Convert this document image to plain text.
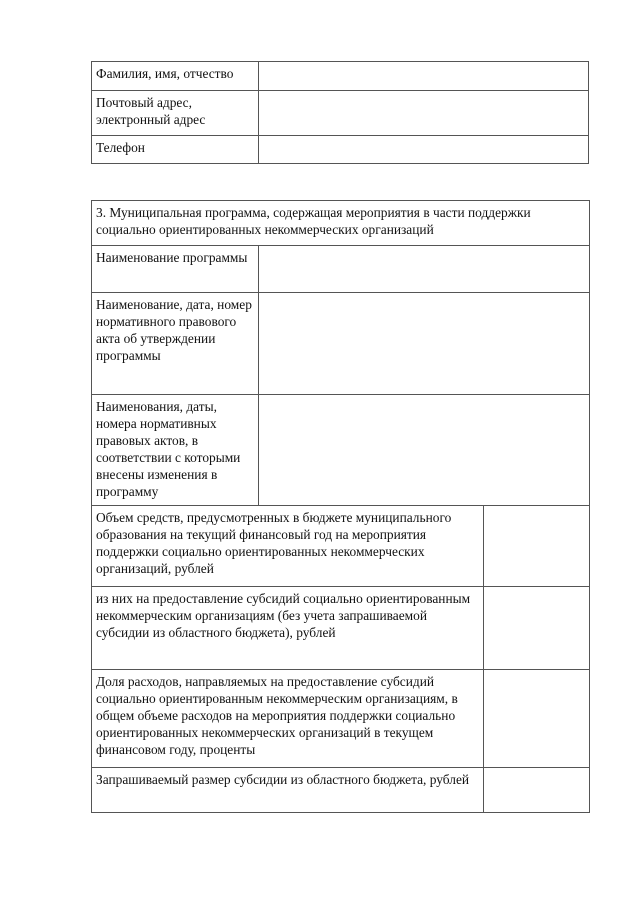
Фамилия, имя, отчество	
Почтовый адрес, электронный адрес	
Телефон	
3. Муниципальная программа, содержащая мероприятия в части поддержки социально ориентированных некоммерческих организаций		
Наименование программы		
Наименование, дата, номер нормативного правового акта об утверждении программы		
Наименования, даты, номера нормативных правовых актов, в соответствии с которыми внесены изменения в программу		
Объем средств, предусмотренных в бюджете муниципального образования на текущий финансовый год на мероприятия поддержки социально ориентированных некоммерческих организаций, рублей		
из них на предоставление субсидий социально ориентированным некоммерческим организациям (без учета запрашиваемой субсидии из областного бюджета), рублей		
Доля расходов, направляемых на предоставление субсидий социально ориентированным некоммерческим организациям, в общем объеме расходов на мероприятия поддержки социально ориентированных некоммерческих организаций в текущем финансовом году, проценты		
Запрашиваемый размер субсидии из областного бюджета, рублей		
